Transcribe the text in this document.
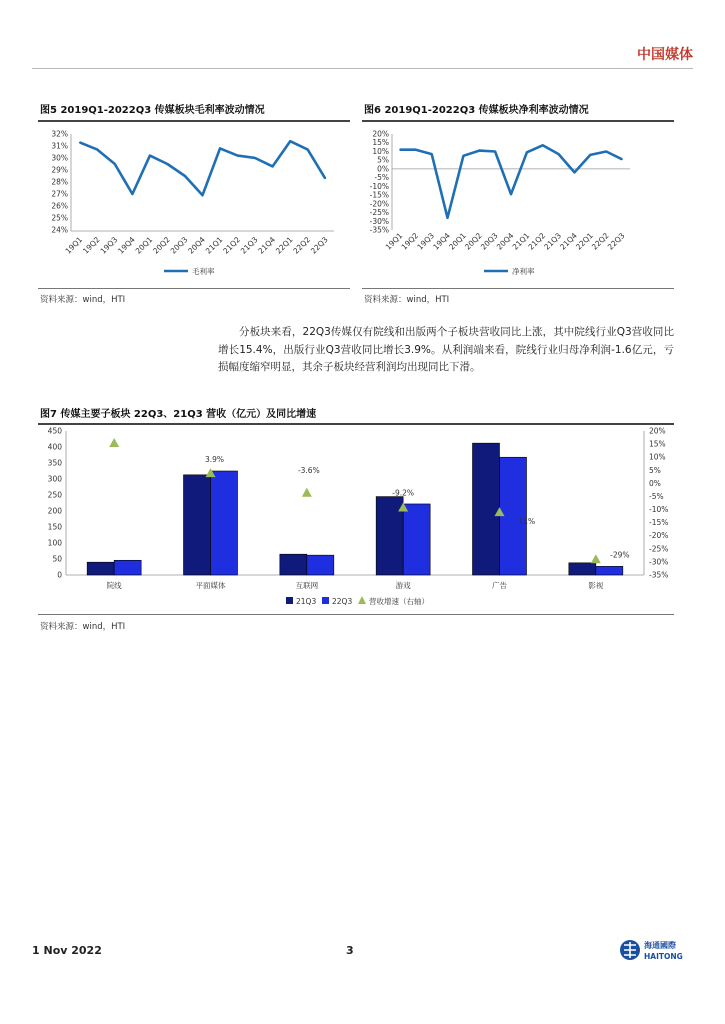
中国媒体
图5 2019Q1-2022Q3 传媒板块毛利率波动情况
32%
31%
30%
29%
28%
27%
26%
25%
24%
19Q1
19Q2
19Q3
19Q4
20Q1
20Q2
20Q3
20Q4
21Q1
21Q2
21Q3
21Q4
22Q1
22Q2
22Q3
毛利率
资料来源：wind，HTI
图6 2019Q1-2022Q3 传媒板块净利率波动情况
20%
15%
10%
5%
0%
-5%
-10%
-15%
-20%
-25%
-30%
-35%
19Q1
19Q2
19Q3
19Q4
20Q1
20Q2
20Q3
20Q4
21Q1
21Q2
21Q3
21Q4
22Q1
22Q2
22Q3
净利率
资料来源：wind，HTI
分板块来看，22Q3传媒仅有院线和出版两个子板块营收同比上涨，其中院线行业Q3营收同比增长15.4%，出版行业Q3营收同比增长3.9%。从利润端来看，院线行业归母净利润-1.6亿元，亏损幅度缩窄明显，其余子板块经营利润均出现同比下滑。
图7 传媒主要子板块 22Q3、21Q3 营收（亿元）及同比增速
450
400
350
300
250
200
150
100
50
0
20%
15%
10%
5%
0%
-5%
-10%
-15%
-20%
-25%
-30%
-35%
3.9%
-3.6%
-9.2%
-11%
-29%
院线	平面媒体	互联网	游戏	广告	影视
21Q3 22Q3 营收增速（右轴）
资料来源：wind，HTI
1 Nov 2022	3	海通國際
HAITONG
